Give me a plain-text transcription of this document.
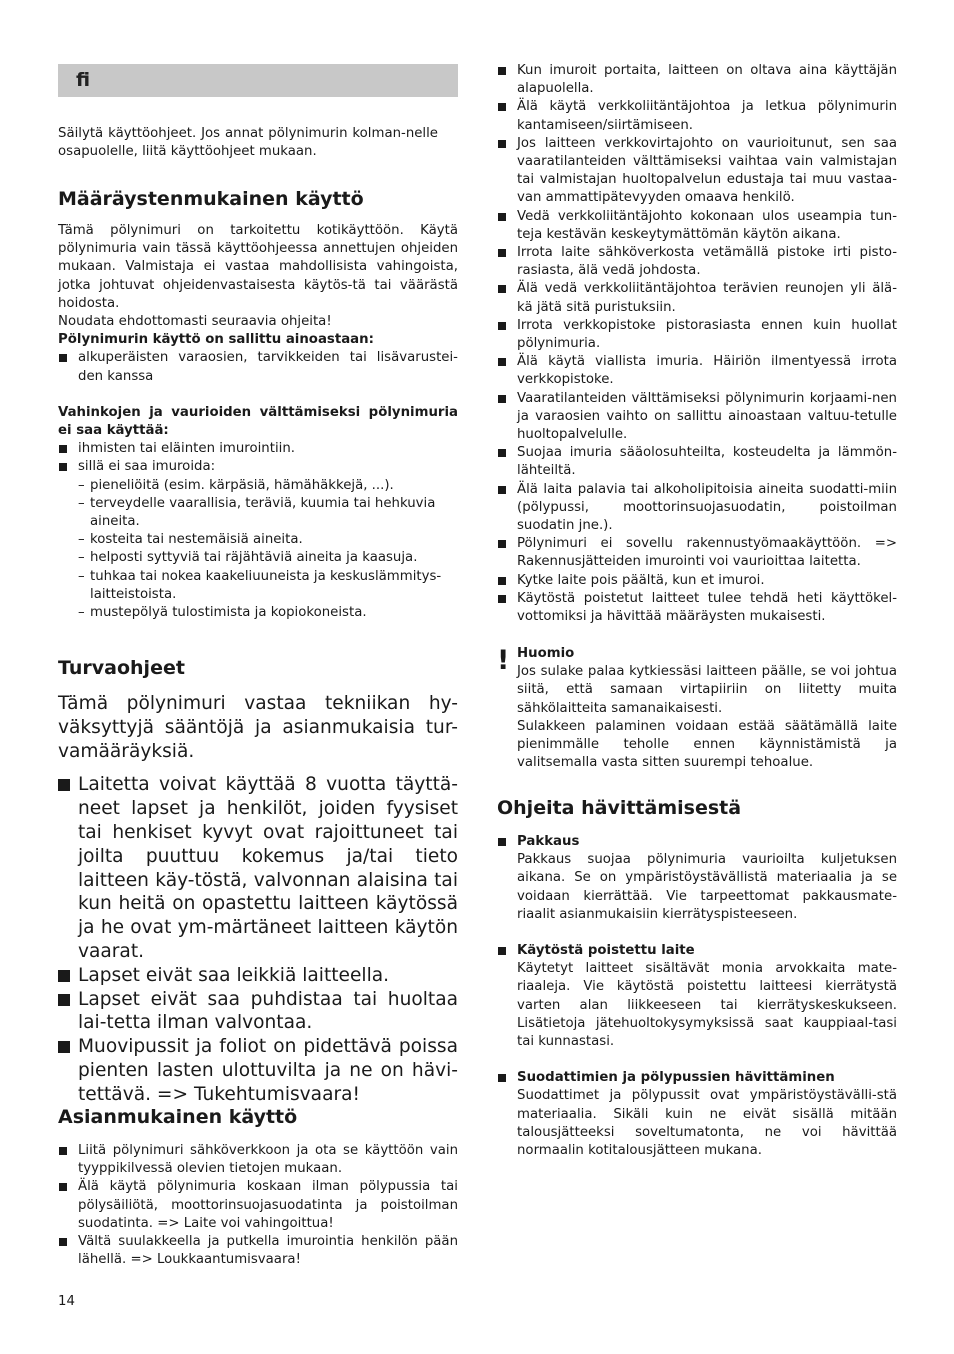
fi

Säilytä käyttöohjeet. Jos annat pölynimurin kolman-nelle osapuolelle, liitä käyttöohjeet mukaan.

Määräystenmukainen käyttö

Tämä pölynimuri on tarkoitettu kotikäyttöön. Käytä pölynimuria vain tässä käyttöohjeessa annettujen ohjeiden mukaan. Valmistaja ei vastaa mahdollisista vahingoista, jotka johtuvat ohjeidenvastaisesta käytös-tä tai väärästä hoidosta.

Noudata ehdottomasti seuraavia ohjeita!

Pölynimurin käyttö on sallittu ainoastaan:

alkuperäisten varaosien, tarvikkeiden tai lisävarustei-den kanssa

Vahinkojen ja vaurioiden välttämiseksi pölynimuria ei saa käyttää:

ihmisten tai eläinten imurointiin.
sillä ei saa imuroida:
– pieneliöitä (esim. kärpäsiä, hämähäkkejä, ...).
– terveydelle vaarallisia, teräviä, kuumia tai hehkuvia aineita.
– kosteita tai nestemäisiä aineita.
– helposti syttyviä tai räjähtäviä aineita ja kaasuja.
– tuhkaa tai nokea kaakeliuuneista ja keskuslämmitys-laitteistoista.
– mustepölyä tulostimista ja kopiokoneista.
Turvaohjeet

Tämä pölynimuri vastaa tekniikan hy-väksyttyjä sääntöjä ja asianmukaisia tur-vamääräyksiä.

Laitetta voivat käyttää 8 vuotta täyttä-neet lapset ja henkilöt, joiden fyysiset tai henkiset kyvyt ovat rajoittuneet tai joilta puuttuu kokemus ja/tai tieto laitteen käy-töstä, valvonnan alaisina tai kun heitä on opastettu laitteen käytössä ja he ovat ym-märtäneet laitteen käytön vaarat.
Lapset eivät saa leikkiä laitteella.
Lapset eivät saa puhdistaa tai huoltaa lai-tetta ilman valvontaa.
Muovipussit ja foliot on pidettävä poissa pienten lasten ulottuvilta ja ne on hävi-tettävä. => Tukehtumisvaara!
Asianmukainen käyttö
Liitä pölynimuri sähköverkkoon ja ota se käyttöön vain tyyppikilvessä olevien tietojen mukaan.
Älä käytä pölynimuria koskaan ilman pölypussia tai pölysäiliötä, moottorinsuojasuodatinta ja poistoilman suodatinta. => Laite voi vahingoittua!
Vältä suulakkeella ja putkella imurointia henkilön pään lähellä. => Loukkaantumisvaara!
Kun imuroit portaita, laitteen on oltava aina käyttäjän alapuolella.
Älä käytä verkkoliitäntäjohtoa ja letkua pölynimurin kantamiseen/siirtämiseen.
Jos laitteen verkkovirtajohto on vaurioitunut, sen saa vaaratilanteiden välttämiseksi vaihtaa vain valmistajan tai valmistajan huoltopalvelun edustaja tai muu vastaa-van ammattipätevyyden omaava henkilö.
Vedä verkkoliitäntäjohto kokonaan ulos useampia tun-teja kestävän keskeytymättömän käytön aikana.
Irrota laite sähköverkosta vetämällä pistoke irti pisto-rasiasta, älä vedä johdosta.
Älä vedä verkkoliitäntäjohtoa terävien reunojen yli älä-kä jätä sitä puristuksiin.
Irrota verkkopistoke pistorasiasta ennen kuin huollat pölynimuria.
Älä käytä viallista imuria. Häiriön ilmentyessä irrota verkkopistoke.
Vaaratilanteiden välttämiseksi pölynimurin korjaami-nen ja varaosien vaihto on sallittu ainoastaan valtuu-tetulle huoltopalvelulle.
Suojaa imuria sääolosuhteilta, kosteudelta ja lämmön-lähteiltä.
Älä laita palavia tai alkoholipitoisia aineita suodatti-miin (pölypussi, moottorinsuojasuodatin, poistoilman suodatin jne.).
Pölynimuri ei sovellu rakennustyömaakäyttöön. => Rakennusjätteiden imurointi voi vaurioittaa laitetta.
Kytke laite pois päältä, kun et imuroi.
Käytöstä poistetut laitteet tulee tehdä heti käyttökel-vottomiksi ja hävittää määräysten mukaisesti.
! Huomio

Jos sulake palaa kytkiessäsi laitteen päälle, se voi johtua siitä, että samaan virtapiiriin on liitetty muita sähkölaitteita samanaikaisesti.

Sulakkeen palaminen voidaan estää säätämällä laite pienimmälle teholle ennen käynnistämistä ja valitsemalla vasta sitten suurempi tehoalue.

Ohjeita hävittämisestä

Pakkaus

Pakkaus suojaa pölynimuria vaurioilta kuljetuksen aikana. Se on ympäristöystävällistä materiaalia ja se voidaan kierrättää. Vie tarpeettomat pakkausmate-riaalit asianmukaisiin kierrätyspisteeseen.

Käytöstä poistettu laite

Käytetyt laitteet sisältävät monia arvokkaita mate-riaaleja. Vie käytöstä poistettu laitteesi kierrätystä varten alan liikkeeseen tai kierrätyskeskukseen. Lisätietoja jätehuoltokysymyksissä saat kauppiaal-tasi tai kunnastasi.

Suodattimien ja pölypussien hävittäminen

Suodattimet ja pölypussit ovat ympäristöystävälli-stä materiaalia. Sikäli kuin ne eivät sisällä mitään talousjätteeksi soveltumatonta, ne voi hävittää normaalin kotitalousjätteen mukana.

14
